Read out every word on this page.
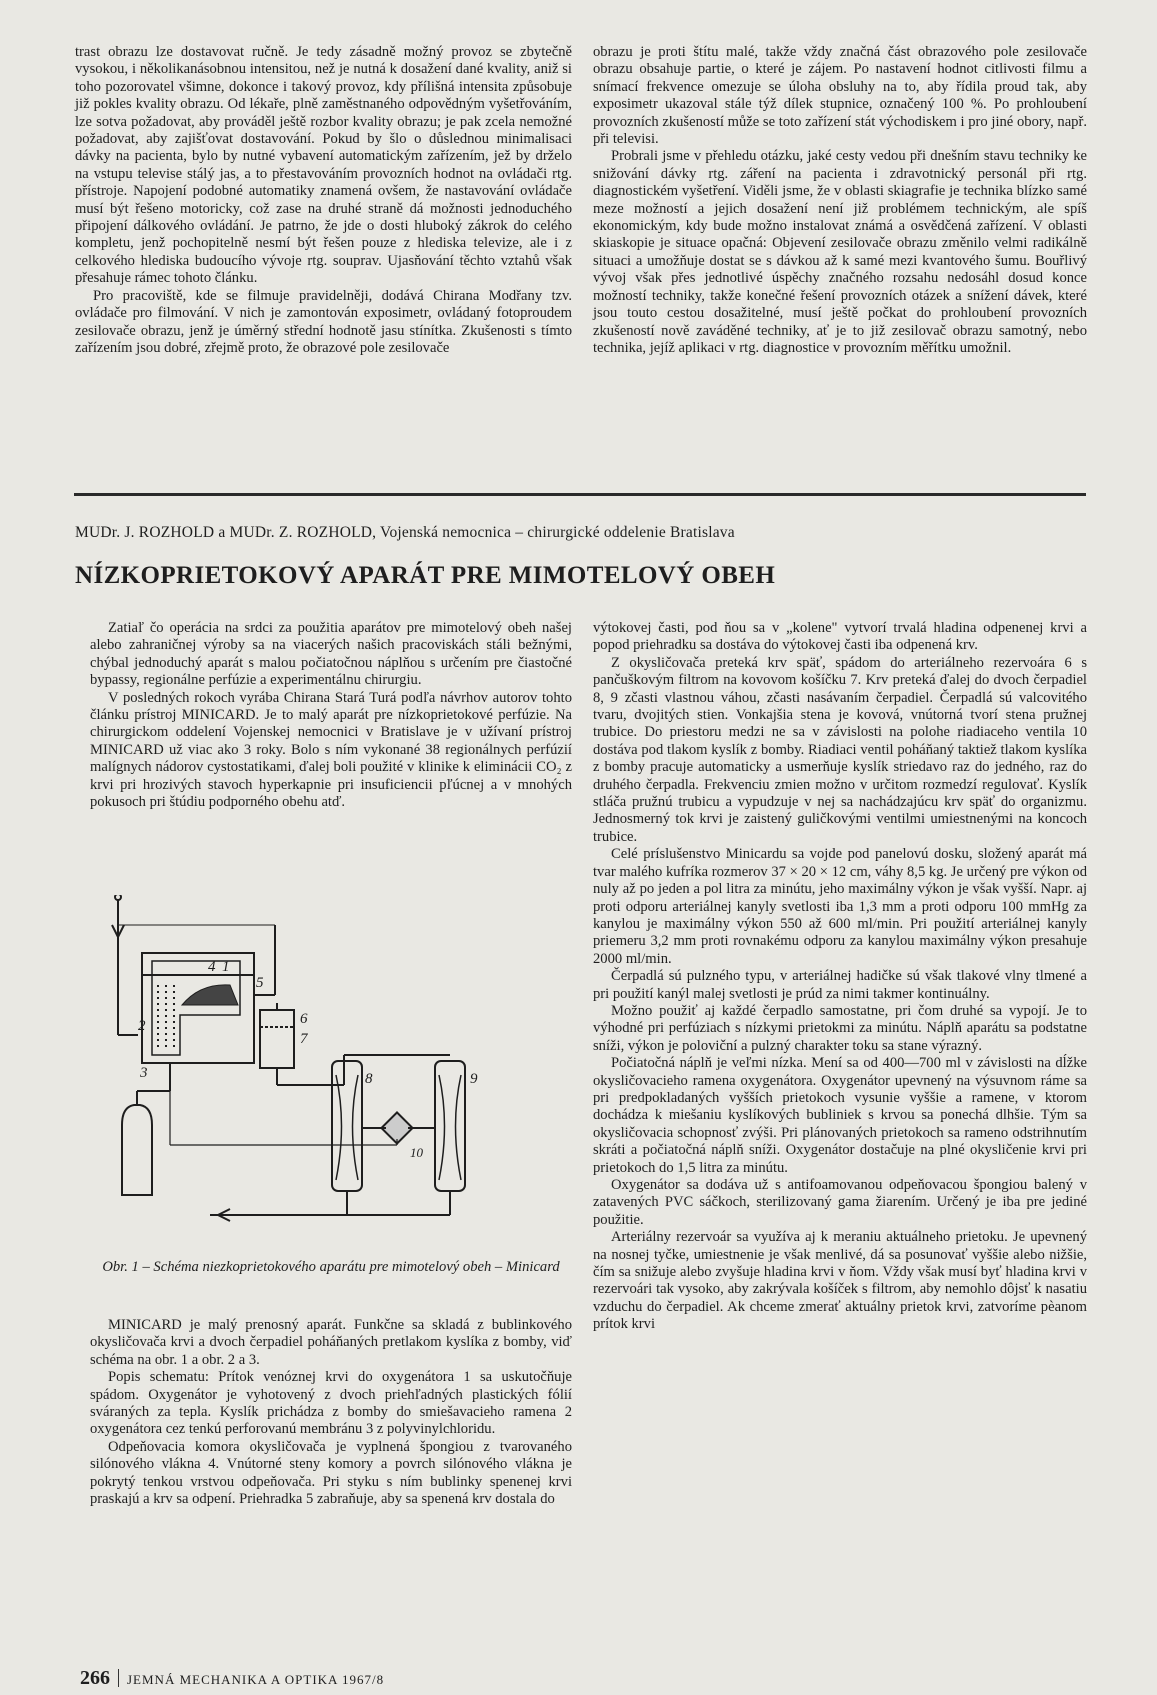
trast obrazu lze dostavovat ručně. Je tedy zásadně možný provoz se zbytečně vysokou, i několikanásobnou intensitou, než je nutná k dosažení dané kvality, aniž si toho pozorovatel všimne, dokonce i takový provoz, kdy přílišná intensita způsobuje již pokles kvality obrazu. Od lékaře, plně zaměstnaného odpovědným vyšetřováním, lze sotva požadovat, aby prováděl ještě rozbor kvality obrazu; je pak zcela nemožné požadovat, aby zajišťovat dostavování. Pokud by šlo o důslednou minimalisaci dávky na pacienta, bylo by nutné vybavení automatickým zařízením, jež by drželo na vstupu televise stálý jas, a to přestavováním provozních hodnot na ovládači rtg. přístroje. Napojení podobné automatiky znamená ovšem, že nastavování ovládače musí být řešeno motoricky, což zase na druhé straně dá možnosti jednoduchého připojení dálkového ovládání. Je patrno, že jde o dosti hluboký zákrok do celého kompletu, jenž pochopitelně nesmí být řešen pouze z hlediska televize, ale i z celkového hlediska budoucího vývoje rtg. souprav. Ujasňování těchto vztahů však přesahuje rámec tohoto článku.

Pro pracoviště, kde se filmuje pravidelněji, dodává Chirana Modřany tzv. ovládače pro filmování. V nich je zamontován exposimetr, ovládaný fotoproudem zesilovače obrazu, jenž je úměrný střední hodnotě jasu stínítka. Zkušenosti s tímto zařízením jsou dobré, zřejmě proto, že obrazové pole zesilovače

obrazu je proti štítu malé, takže vždy značná část obrazového pole zesilovače obrazu obsahuje partie, o které je zájem. Po nastavení hodnot citlivosti filmu a snímací frekvence omezuje se úloha obsluhy na to, aby řídila proud tak, aby exposimetr ukazoval stále týž dílek stupnice, označený 100 %. Po prohloubení provozních zkušeností může se toto zařízení stát východiskem i pro jiné obory, např. při televisi.

Probrali jsme v přehledu otázku, jaké cesty vedou při dnešním stavu techniky ke snižování dávky rtg. záření na pacienta i zdravotnický personál při rtg. diagnostickém vyšetření. Viděli jsme, že v oblasti skiagrafie je technika blízko samé meze možností a jejich dosažení není již problémem technickým, ale spíš ekonomickým, kdy bude možno instalovat známá a osvědčená zařízení. V oblasti skiaskopie je situace opačná: Objevení zesilovače obrazu změnilo velmi radikálně situaci a umožňuje dostat se s dávkou až k samé mezi kvantového šumu. Bouřlivý vývoj však přes jednotlivé úspěchy značného rozsahu nedosáhl dosud konce možností techniky, takže konečné řešení provozních otázek a snížení dávek, které jsou touto cestou dosažitelné, musí ještě počkat do prohloubení provozních zkušeností nově zaváděné techniky, ať je to již zesilovač obrazu samotný, nebo technika, jejíž aplikaci v rtg. diagnostice v provozním měřítku umožnil.

MUDr. J. ROZHOLD a MUDr. Z. ROZHOLD, Vojenská nemocnica – chirurgické oddelenie Bratislava
NÍZKOPRIETOKOVÝ APARÁT PRE MIMOTELOVÝ OBEH

Zatiaľ čo operácia na srdci za použitia aparátov pre mimotelový obeh našej alebo zahraničnej výroby sa na viacerých našich pracoviskách stáli bežnými, chýbal jednoduchý aparát s malou počiatočnou náplňou s určením pre čiastočné bypassy, regionálne perfúzie a experimentálnu chirurgiu.

V posledných rokoch vyrába Chirana Stará Turá podľa návrhov autorov tohto článku prístroj MINICARD. Je to malý aparát pre nízkoprietokové perfúzie. Na chirurgickom oddelení Vojenskej nemocnici v Bratislave je v užívaní prístroj MINICARD už viac ako 3 roky. Bolo s ním vykonané 38 regionálnych perfúzií malígnych nádorov cystostatikami, ďalej boli použité v klinike k eliminácii CO₂ z krvi pri hrozivých stavoch hyperkapnie pri insuficiencii pľúcnej a v mnohých pokusoch pri štúdiu podporného obehu atď.

1
2
3
4
5
6
7
8	9
10
Obr. 1 – Schéma niezkoprietokového aparátu pre mimotelový obeh – Minicard

MINICARD je malý prenosný aparát. Funkčne sa skladá z bublinkového okysličovača krvi a dvoch čerpadiel poháňaných pretlakom kyslíka z bomby, viď schéma na obr. 1 a obr. 2 a 3.

Popis schematu: Prítok venóznej krvi do oxygenátora 1 sa uskutočňuje spádom. Oxygenátor je vyhotovený z dvoch priehľadných plastických fólií sváraných za tepla. Kyslík prichádza z bomby do smiešavacieho ramena 2 oxygenátora cez tenkú perforovanú membránu 3 z polyvinylchloridu.

Odpeňovacia komora okysličovača je vyplnená špongiou z tvarovaného silónového vlákna 4. Vnútorné steny komory a povrch silónového vlákna je pokrytý tenkou vrstvou odpeňovača. Pri styku s ním bublinky spenenej krvi praskajú a krv sa odpení. Priehradka 5 zabraňuje, aby sa spenená krv dostala do

výtokovej časti, pod ňou sa v „kolene" vytvorí trvalá hladina odpenenej krvi a popod priehradku sa dostáva do výtokovej časti iba odpenená krv.

Z okysličovača preteká krv späť, spádom do arteriálneho rezervoára 6 s pančuškovým filtrom na kovovom košíčku 7. Krv preteká ďalej do dvoch čerpadiel 8, 9 zčasti vlastnou váhou, zčasti nasávaním čerpadiel. Čerpadlá sú valcovitého tvaru, dvojitých stien. Vonkajšia stena je kovová, vnútorná tvorí stena pružnej trubice. Do priestoru medzi ne sa v závislosti na polohe riadiaceho ventila 10 dostáva pod tlakom kyslík z bomby. Riadiaci ventil poháňaný taktiež tlakom kyslíka z bomby pracuje automaticky a usmerňuje kyslík striedavo raz do jedného, raz do druhého čerpadla. Frekvenciu zmien možno v určitom rozmedzí regulovať. Kyslík stláča pružnú trubicu a vypudzuje v nej sa nachádzajúcu krv späť do organizmu. Jednosmerný tok krvi je zaistený guličkovými ventilmi umiestnenými na koncoch trubice.

Celé príslušenstvo Minicardu sa vojde pod panelovú dosku, složený aparát má tvar malého kufríka rozmerov 37 × 20 × 12 cm, váhy 8,5 kg. Je určený pre výkon od nuly až po jeden a pol litra za minútu, jeho maximálny výkon je však vyšší. Napr. aj proti odporu arteriálnej kanyly svetlosti iba 1,3 mm a proti odporu 100 mmHg za kanylou je maximálny výkon 550 až 600 ml/min. Pri použití arteriálnej kanyly priemeru 3,2 mm proti rovnakému odporu za kanylou maximálny výkon presahuje 2000 ml/min.

Čerpadlá sú pulzného typu, v arteriálnej hadičke sú však tlakové vlny tlmené a pri použití kanýl malej svetlosti je prúd za nimi takmer kontinuálny.

Možno použiť aj každé čerpadlo samostatne, pri čom druhé sa vypojí. Je to výhodné pri perfúziach s nízkymi prietokmi za minútu. Náplň aparátu sa podstatne sníži, výkon je poloviční a pulzný charakter toku sa stane výrazný.

Počiatočná náplň je veľmi nízka. Mení sa od 400—700 ml v závislosti na dĺžke okysličovacieho ramena oxygenátora. Oxygenátor upevnený na výsuvnom ráme sa pri predpokladaných vyšších prietokoch vysunie vyššie a ramene, v ktorom dochádza k miešaniu kyslíkových bubliniek s krvou sa ponechá dlhšie. Tým sa okysličovacia schopnosť zvýši. Pri plánovaných prietokoch sa rameno odstrihnutím skráti a počiatočná náplň sníži. Oxygenátor dostačuje na plné okysličenie krvi pri prietokoch do 1,5 litra za minútu.

Oxygenátor sa dodáva už s antifoamovanou odpeňovacou špongiou balený v zatavených PVC sáčkoch, sterilizovaný gama žiarením. Určený je iba pre jediné použitie.

Arteriálny rezervoár sa využíva aj k meraniu aktuálneho prietoku. Je upevnený na nosnej tyčke, umiestnenie je však menlivé, dá sa posunovať vyššie alebo nižšie, čím sa snižuje alebo zvyšuje hladina krvi v ňom. Vždy však musí byť hladina krvi v rezervoári tak vysoko, aby zakrývala košíček s filtrom, aby nemohlo dôjsť k nasatiu vzduchu do čerpadiel. Ak chceme zmerať aktuálny prietok krvi, zatvoríme pèanom prítok krvi

266 JEMNÁ MECHANIKA A OPTIKA 1967/8
